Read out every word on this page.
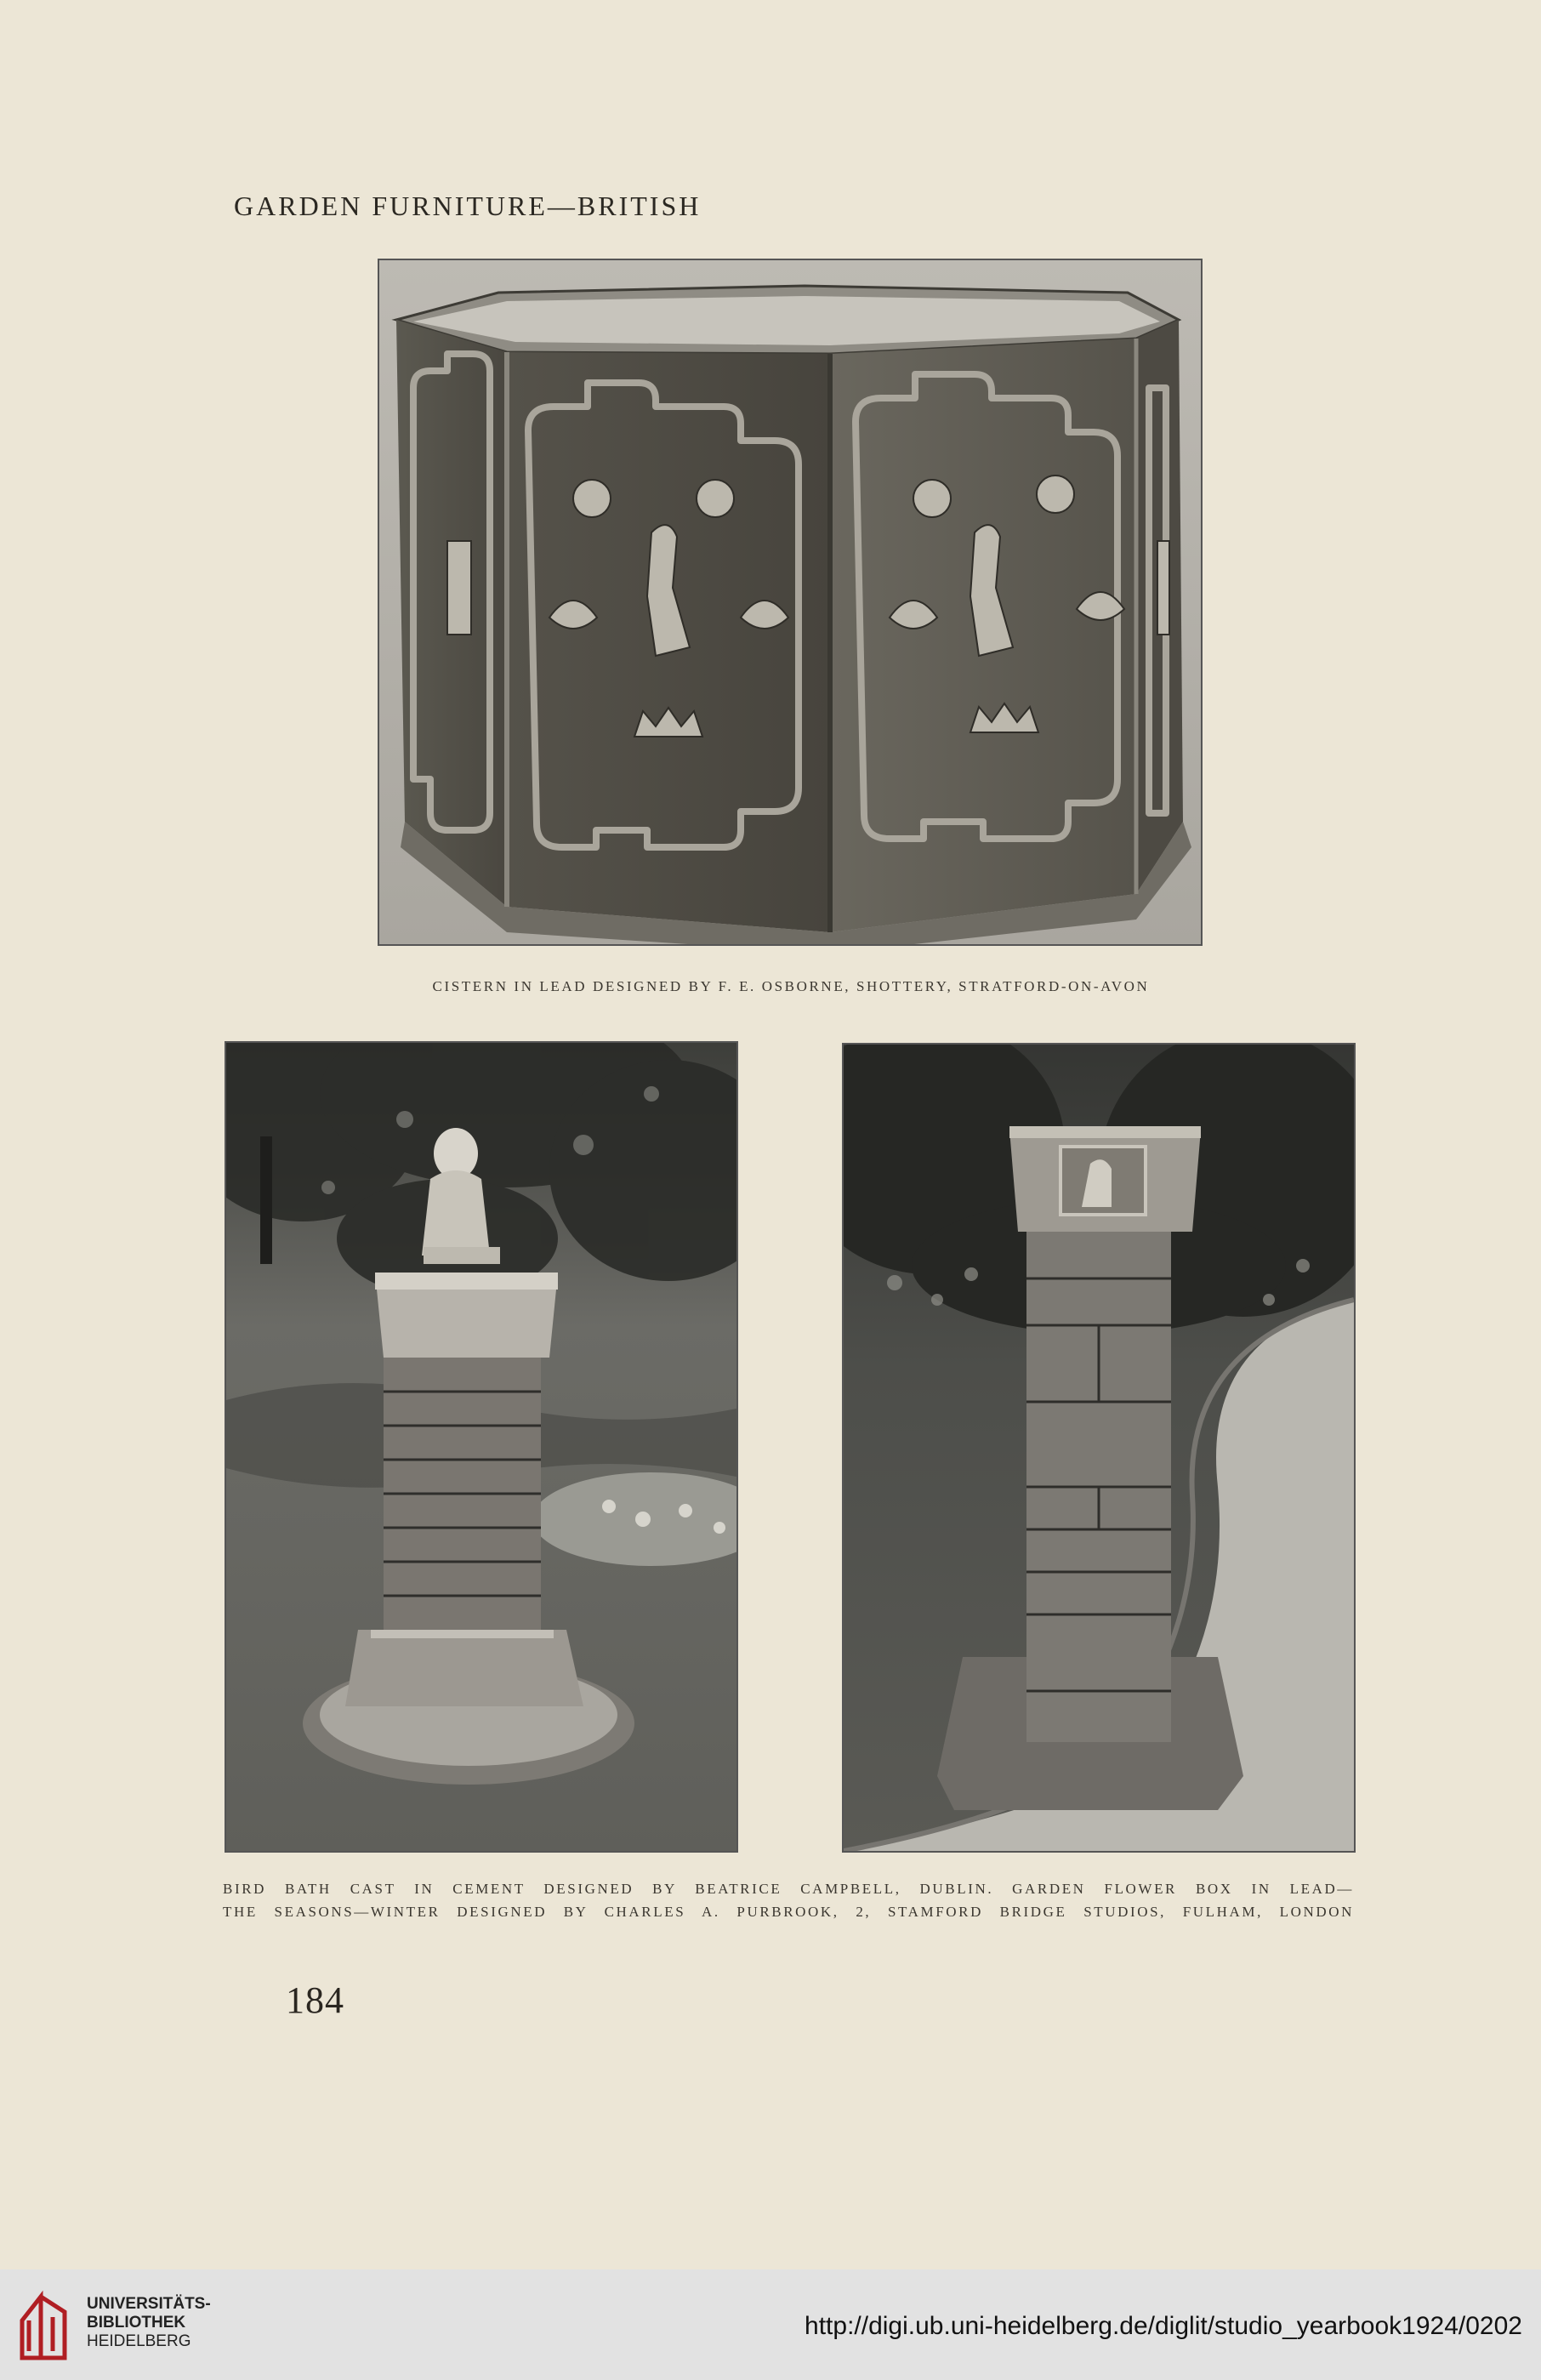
GARDEN FURNITURE—BRITISH
CISTERN IN LEAD DESIGNED BY F. E. OSBORNE, SHOTTERY, STRATFORD-ON-AVON
BIRD BATH CAST IN CEMENT DESIGNED BY BEATRICE CAMPBELL, DUBLIN. GARDEN FLOWER BOX IN LEAD—
THE SEASONS—WINTER DESIGNED BY CHARLES A. PURBROOK, 2, STAMFORD BRIDGE STUDIOS, FULHAM, LONDON
184
UNIVERSITÄTS-
BIBLIOTHEK
HEIDELBERG
http://digi.ub.uni-heidelberg.de/diglit/studio_yearbook1924/0202
